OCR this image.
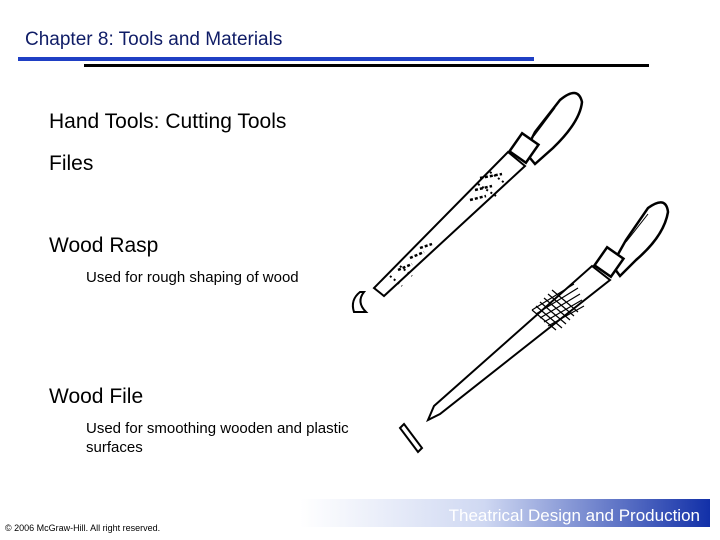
Chapter 8: Tools and Materials
Hand Tools: Cutting Tools
Files
Wood Rasp
Used for rough shaping of wood
Wood File
Used for smoothing wooden and plastic surfaces
Theatrical Design and Production
© 2006 McGraw-Hill. All right reserved.
